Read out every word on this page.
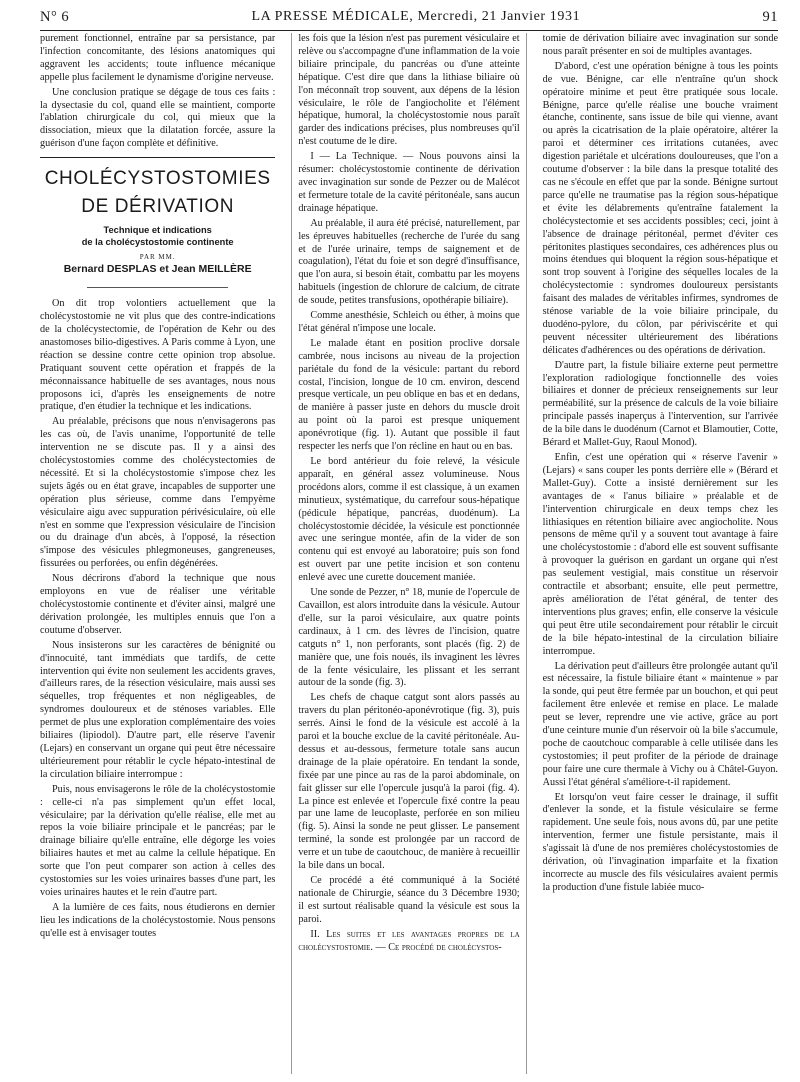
N° 6	LA PRESSE MÉDICALE, Mercredi, 21 Janvier 1931	91

purement fonctionnel, entraîne par sa persistance, par l'infection concomitante, des lésions anatomiques qui aggravent les accidents; toute influence mécanique appelle plus facilement le dynamisme d'origine nerveuse.

Une conclusion pratique se dégage de tous ces faits : la dysectasie du col, quand elle se maintient, comporte l'ablation chirurgicale du col, qui mieux que la dissociation, mieux que la dilatation forcée, assure la guérison d'une façon complète et définitive.

CHOLÉCYSTOSTOMIES
DE DÉRIVATION
Technique et indications
de la cholécystostomie continente
PAR MM.
Bernard DESPLAS et Jean MEILLÈRE

On dit trop volontiers actuellement que la cholécystostomie ne vit plus que des contre-indications de la cholécystectomie, de l'opération de Kehr ou des anastomoses bilio-digestives. A Paris comme à Lyon, une réaction se dessine contre cette opinion trop absolue. Pratiquant souvent cette opération et frappés de la méconnaissance habituelle de ses avantages, nous nous proposons ici, d'après les enseignements de notre pratique, d'en étudier la technique et les indications.

Au préalable, précisons que nous n'envisagerons pas les cas où, de l'avis unanime, l'opportunité de telle intervention ne se discute pas. Il y a ainsi des cholécystostomies comme des cholécystectomies de nécessité. Et si la cholécystostomie s'impose chez les sujets âgés ou en état grave, incapables de supporter une opération plus sérieuse, comme dans l'empyème vésiculaire aigu avec suppuration périvésiculaire, où elle n'est en somme que l'expression vésiculaire de l'incision ou du drainage d'un abcès, à l'opposé, la résection s'impose des vésicules phlegmoneuses, gangreneuses, fissurées ou perforées, ou enfin dégénérées.

Nous décrirons d'abord la technique que nous employons en vue de réaliser une véritable cholécystostomie continente et d'éviter ainsi, malgré une dérivation prolongée, les multiples ennuis que l'on a coutume d'observer.

Nous insisterons sur les caractères de bénignité ou d'innocuité, tant immédiats que tardifs, de cette intervention qui évite non seulement les accidents graves, d'ailleurs rares, de la résection vésiculaire, mais aussi ses séquelles, trop fréquentes et non négligeables, de syndromes douloureux et de sténoses variables. Elle permet de plus une exploration complémentaire des voies biliaires (lipiodol). D'autre part, elle réserve l'avenir (Lejars) en conservant un organe qui peut être nécessaire ultérieurement pour rétablir le cycle hépato-intestinal de la circulation biliaire interrompue :

Puis, nous envisagerons le rôle de la cholécystostomie : celle-ci n'a pas simplement qu'un effet local, vésiculaire; par la dérivation qu'elle réalise, elle met au repos la voie biliaire principale et le pancréas; par le drainage biliaire qu'elle entraîne, elle dégorge les voies biliaires hautes et met au calme la cellule hépatique. En sorte que l'on peut comparer son action à celles des cystostomies sur les voies urinaires basses d'une part, les voies urinaires hautes et le rein d'autre part.

A la lumière de ces faits, nous étudierons en dernier lieu les indications de la cholécystostomie. Nous pensons qu'elle est à envisager toutes

les fois que la lésion n'est pas purement vésiculaire et relève ou s'accompagne d'une inflammation de la voie biliaire principale, du pancréas ou d'une atteinte hépatique. C'est dire que dans la lithiase biliaire où l'on méconnaît trop souvent, aux dépens de la lésion vésiculaire, le rôle de l'angiocholite et l'élément hépatique, humoral, la cholécystostomie nous paraît garder des indications précises, plus nombreuses qu'il n'est coutume de le dire.

I — La Technique. — Nous pouvons ainsi la résumer: cholécystostomie continente de dérivation avec invagination sur sonde de Pezzer ou de Malécot et fermeture totale de la cavité péritonéale, sans aucun drainage hépatique.

Au préalable, il aura été précisé, naturellement, par les épreuves habituelles (recherche de l'urée du sang et de l'urée urinaire, temps de saignement et de coagulation), l'état du foie et son degré d'insuffisance, que l'on aura, si besoin était, combattu par les moyens habituels (ingestion de chlorure de calcium, de citrate de soude, petites transfusions, opothérapie biliaire).

Comme anesthésie, Schleich ou éther, à moins que l'état général n'impose une locale.

Le malade étant en position proclive dorsale cambrée, nous incisons au niveau de la projection pariétale du fond de la vésicule: partant du rebord costal, l'incision, longue de 10 cm. environ, descend presque verticale, un peu oblique en bas et en dedans, de manière à passer juste en dehors du muscle droit au point où la paroi est presque uniquement aponévrotique (fig. 1). Autant que possible il faut respecter les nerfs que l'on récline en haut ou en bas.

Le bord antérieur du foie relevé, la vésicule apparaît, en général assez volumineuse. Nous procédons alors, comme il est classique, à un examen minutieux, systématique, du carrefour sous-hépatique (pédicule hépatique, pancréas, duodénum). La cholécystostomie décidée, la vésicule est ponctionnée avec une seringue montée, afin de la vider de son contenu qui est envoyé au laboratoire; puis son fond est ouvert par une petite incision et son contenu enlevé avec une curette doucement maniée.

Une sonde de Pezzer, n° 18, munie de l'opercule de Cavaillon, est alors introduite dans la vésicule. Autour d'elle, sur la paroi vésiculaire, aux quatre points cardinaux, à 1 cm. des lèvres de l'incision, quatre catguts n° 1, non perforants, sont placés (fig. 2) de manière que, une fois noués, ils invaginent les lèvres de la fente vésiculaire, les plissant et les serrant autour de la sonde (fig. 3).

Les chefs de chaque catgut sont alors passés au travers du plan péritonéo-aponévrotique (fig. 3), puis serrés. Ainsi le fond de la vésicule est accolé à la paroi et la bouche exclue de la cavité péritonéale. Au-dessus et au-dessous, fermeture totale sans aucun drainage de la plaie opératoire. En tendant la sonde, fixée par une pince au ras de la paroi abdominale, on fait glisser sur elle l'opercule jusqu'à la paroi (fig. 4). La pince est enlevée et l'opercule fixé contre la peau par une lame de leucoplaste, perforée en son milieu (fig. 5). Ainsi la sonde ne peut glisser. Le pansement terminé, la sonde est prolongée par un raccord de verre et un tube de caoutchouc, de manière à recueillir la bile dans un bocal.

Ce procédé a été communiqué à la Société nationale de Chirurgie, séance du 3 Décembre 1930; il est surtout réalisable quand la vésicule est sous la paroi.

II. Les suites et les avantages propres de la cholécystostomie. — Ce procédé de cholécystos-

tomie de dérivation biliaire avec invagination sur sonde nous paraît présenter en soi de multiples avantages.

D'abord, c'est une opération bénigne à tous les points de vue. Bénigne, car elle n'entraîne qu'un shock opératoire minime et peut être pratiquée sous locale. Bénigne, parce qu'elle réalise une bouche vraiment étanche, continente, sans issue de bile qui vienne, avant ou après la cicatrisation de la plaie opératoire, altérer la paroi et déterminer ces irritations cutanées, avec digestion pariétale et ulcérations douloureuses, que l'on a coutume d'observer : la bile dans la presque totalité des cas ne s'écoule en effet que par la sonde. Bénigne surtout parce qu'elle ne traumatise pas la région sous-hépatique et évite les délabrements qu'entraîne fatalement la cholécystectomie et ses accidents possibles; ceci, joint à l'absence de drainage péritonéal, permet d'éviter ces péritonites plastiques secondaires, ces adhérences plus ou moins étendues qui bloquent la région sous-hépatique et sont trop souvent à l'origine des séquelles locales de la cholécystectomie : syndromes douloureux persistants faisant des malades de véritables infirmes, syndromes de sténose variable de la voie biliaire principale, du duodéno-pylore, du côlon, par périviscérite et qui peuvent nécessiter ultérieurement des libérations délicates d'adhérences ou des opérations de dérivation.

D'autre part, la fistule biliaire externe peut permettre l'exploration radiologique fonctionnelle des voies biliaires et donner de précieux renseignements sur leur perméabilité, sur la présence de calculs de la voie biliaire principale passés inaperçus à l'intervention, sur l'arrivée de la bile dans le duodénum (Carnot et Blamoutier, Cotte, Bérard et Mallet-Guy, Raoul Monod).

Enfin, c'est une opération qui « réserve l'avenir » (Lejars) « sans couper les ponts derrière elle » (Bérard et Mallet-Guy). Cotte a insisté dernièrement sur les avantages de « l'anus biliaire » préalable et de l'intervention chirurgicale en deux temps chez les lithiasiques en rétention biliaire avec angiocholite. Nous pensons de même qu'il y a souvent tout avantage à faire une cholécystostomie : d'abord elle est souvent suffisante à provoquer la guérison en gardant un organe qui n'est pas seulement vestigial, mais constitue un réservoir contractile et absorbant; ensuite, elle peut permettre, après amélioration de l'état général, de tenter des interventions plus graves; enfin, elle conserve la vésicule qui peut être utile secondairement pour rétablir le circuit de la bile hépato-intestinal de la circulation biliaire interrompue.

La dérivation peut d'ailleurs être prolongée autant qu'il est nécessaire, la fistule biliaire étant « maintenue » par la sonde, qui peut être fermée par un bouchon, et qui peut facilement être enlevée et remise en place. Le malade peut se lever, reprendre une vie active, grâce au port d'une ceinture munie d'un réservoir où la bile s'accumule, poche de caoutchouc comparable à celle utilisée dans les cystostomies; il peut profiter de la période de drainage pour faire une cure thermale à Vichy ou à Châtel-Guyon. Aussi l'état général s'améliore-t-il rapidement.

Et lorsqu'on veut faire cesser le drainage, il suffit d'enlever la sonde, et la fistule vésiculaire se ferme rapidement. Une seule fois, nous avons dû, par une petite intervention, fermer une fistule persistante, mais il s'agissait là d'une de nos premières cholécystostomies de dérivation, où l'invagination imparfaite et la fixation incorrecte au muscle des fils vésiculaires avaient permis la production d'une fistule labiée muco-
